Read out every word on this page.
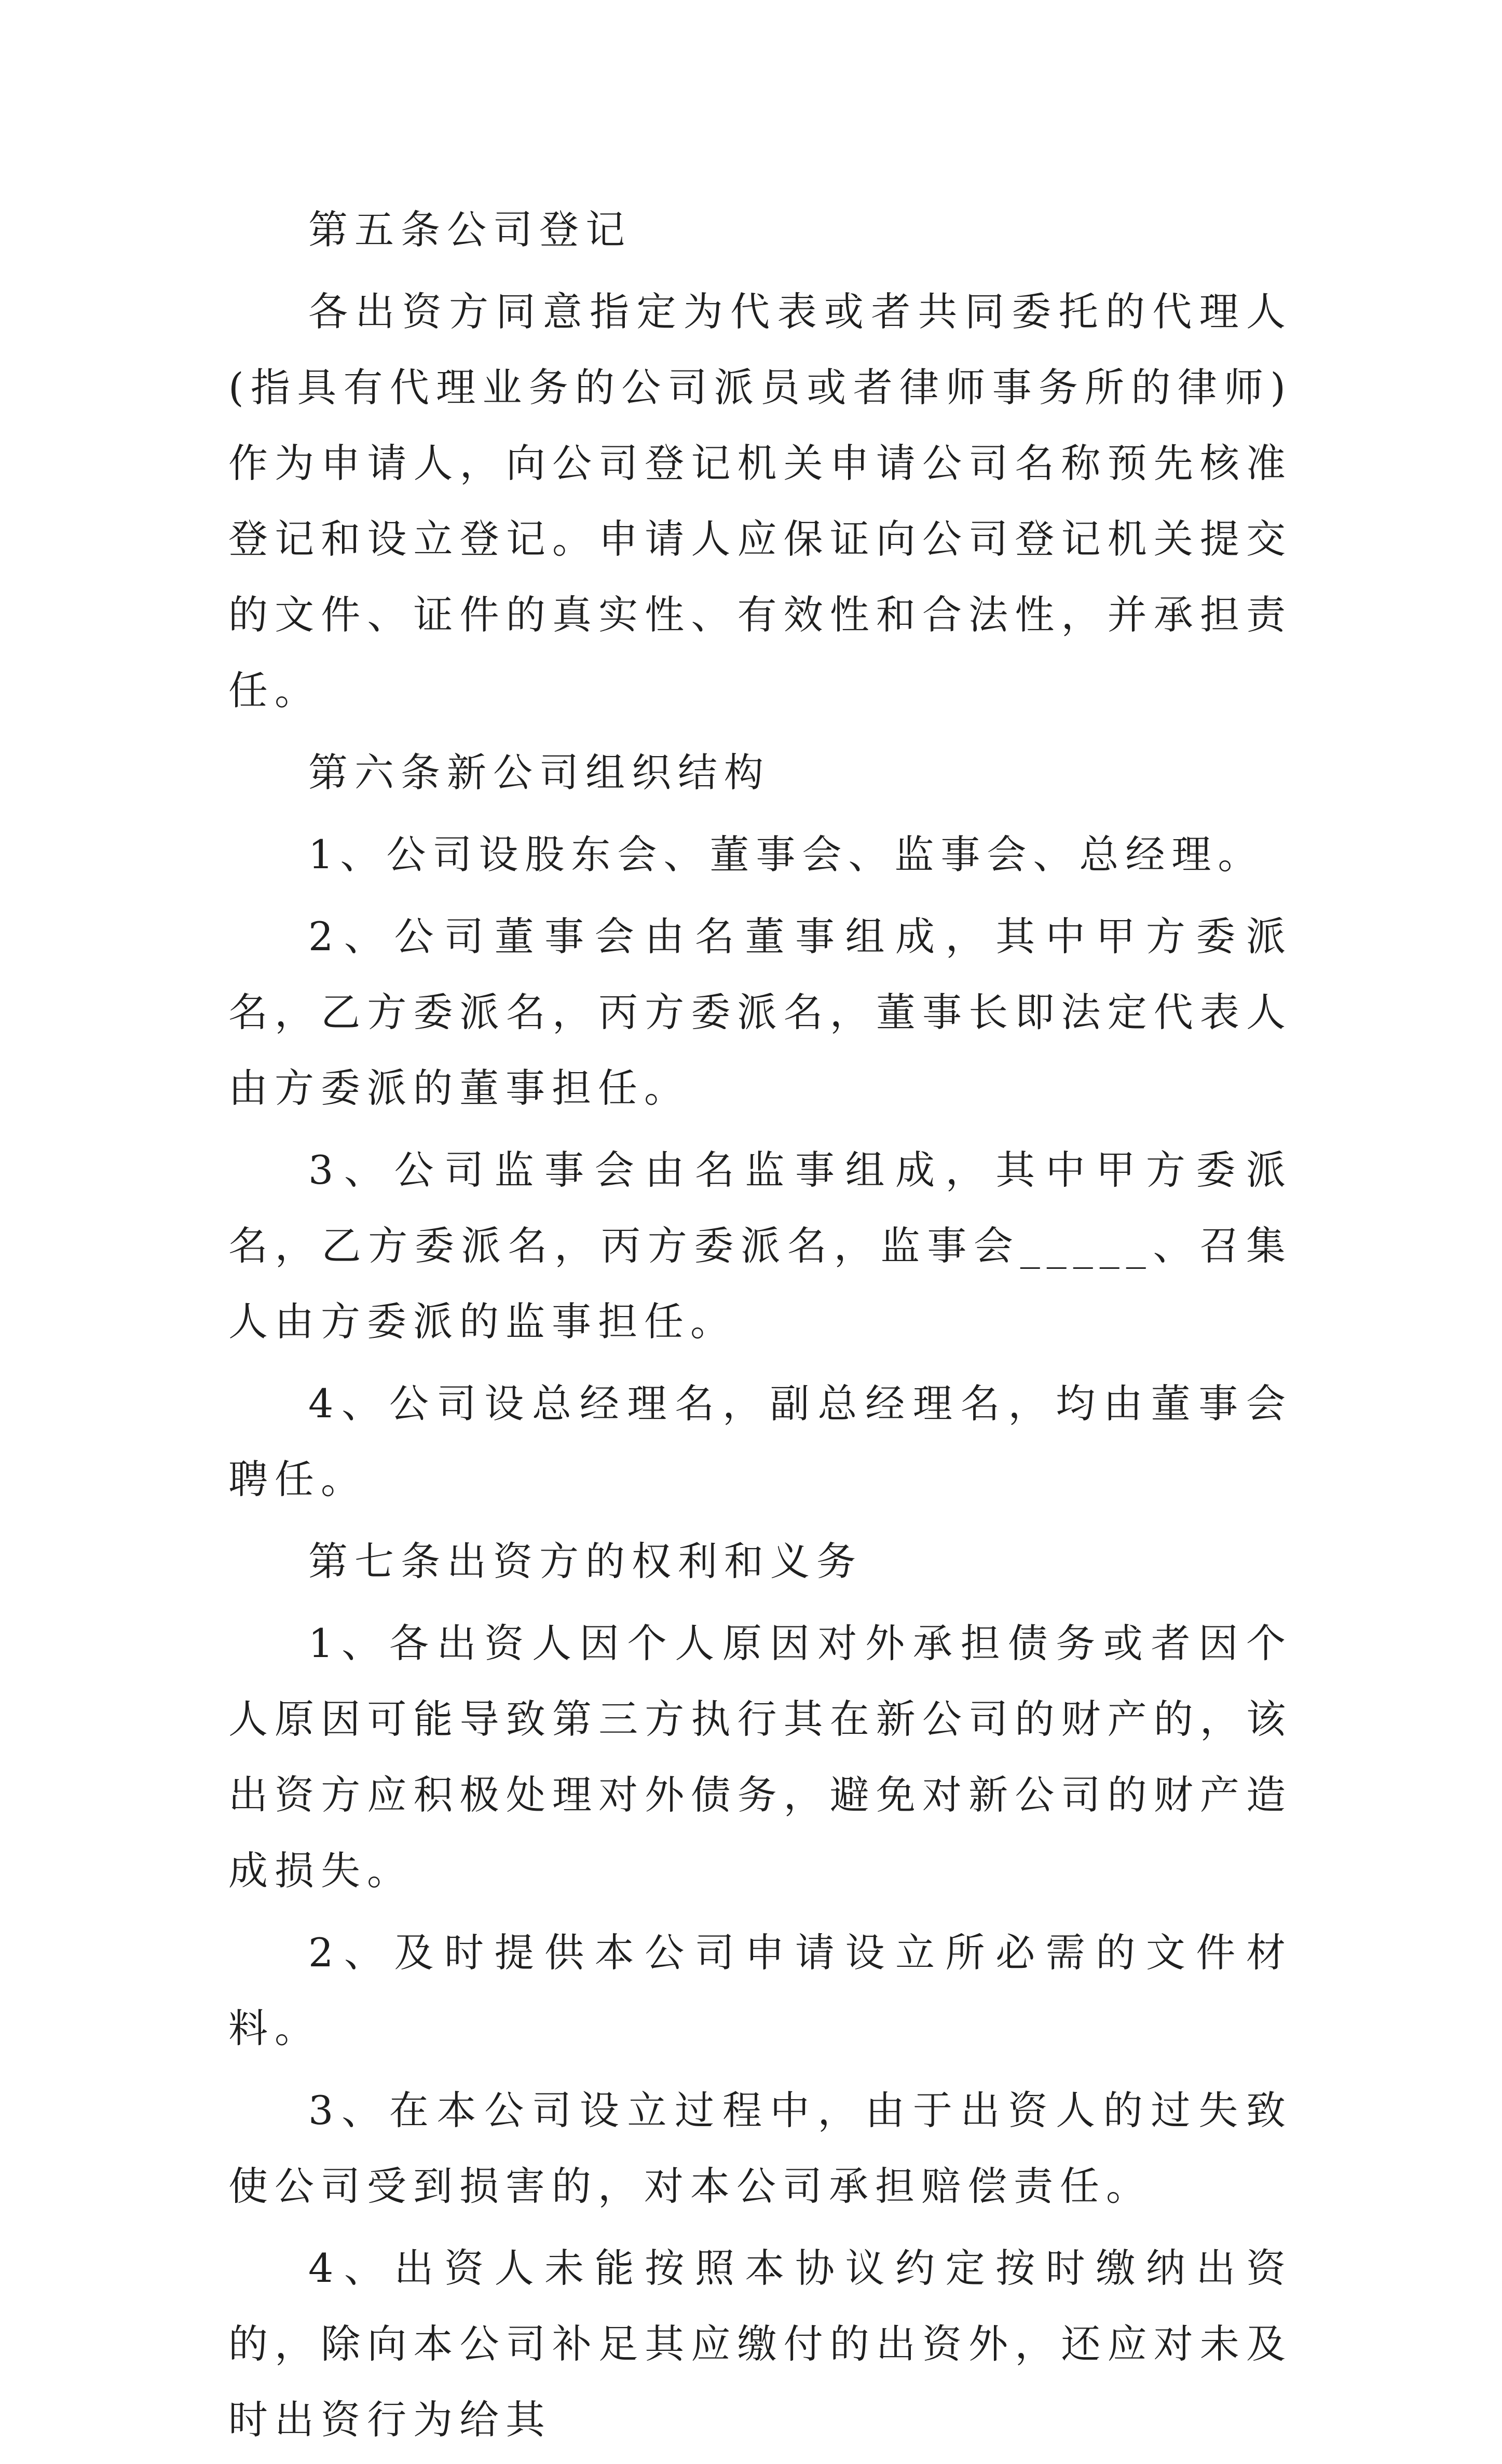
第五条公司登记

各出资方同意指定为代表或者共同委托的代理人(指具有代理业务的公司派员或者律师事务所的律师)作为申请人，向公司登记机关申请公司名称预先核准登记和设立登记。申请人应保证向公司登记机关提交的文件、证件的真实性、有效性和合法性，并承担责任。

第六条新公司组织结构

1、公司设股东会、董事会、监事会、总经理。

2、公司董事会由名董事组成，其中甲方委派名，乙方委派名，丙方委派名，董事长即法定代表人由方委派的董事担任。

3、公司监事会由名监事组成，其中甲方委派名，乙方委派名，丙方委派名，监事会_____、召集人由方委派的监事担任。

4、公司设总经理名，副总经理名，均由董事会聘任。

第七条出资方的权利和义务

1、各出资人因个人原因对外承担债务或者因个人原因可能导致第三方执行其在新公司的财产的，该出资方应积极处理对外债务，避免对新公司的财产造成损失。

2、及时提供本公司申请设立所必需的文件材料。

3、在本公司设立过程中，由于出资人的过失致使公司受到损害的，对本公司承担赔偿责任。

4、出资人未能按照本协议约定按时缴纳出资的，除向本公司补足其应缴付的出资外，还应对未及时出资行为给其
